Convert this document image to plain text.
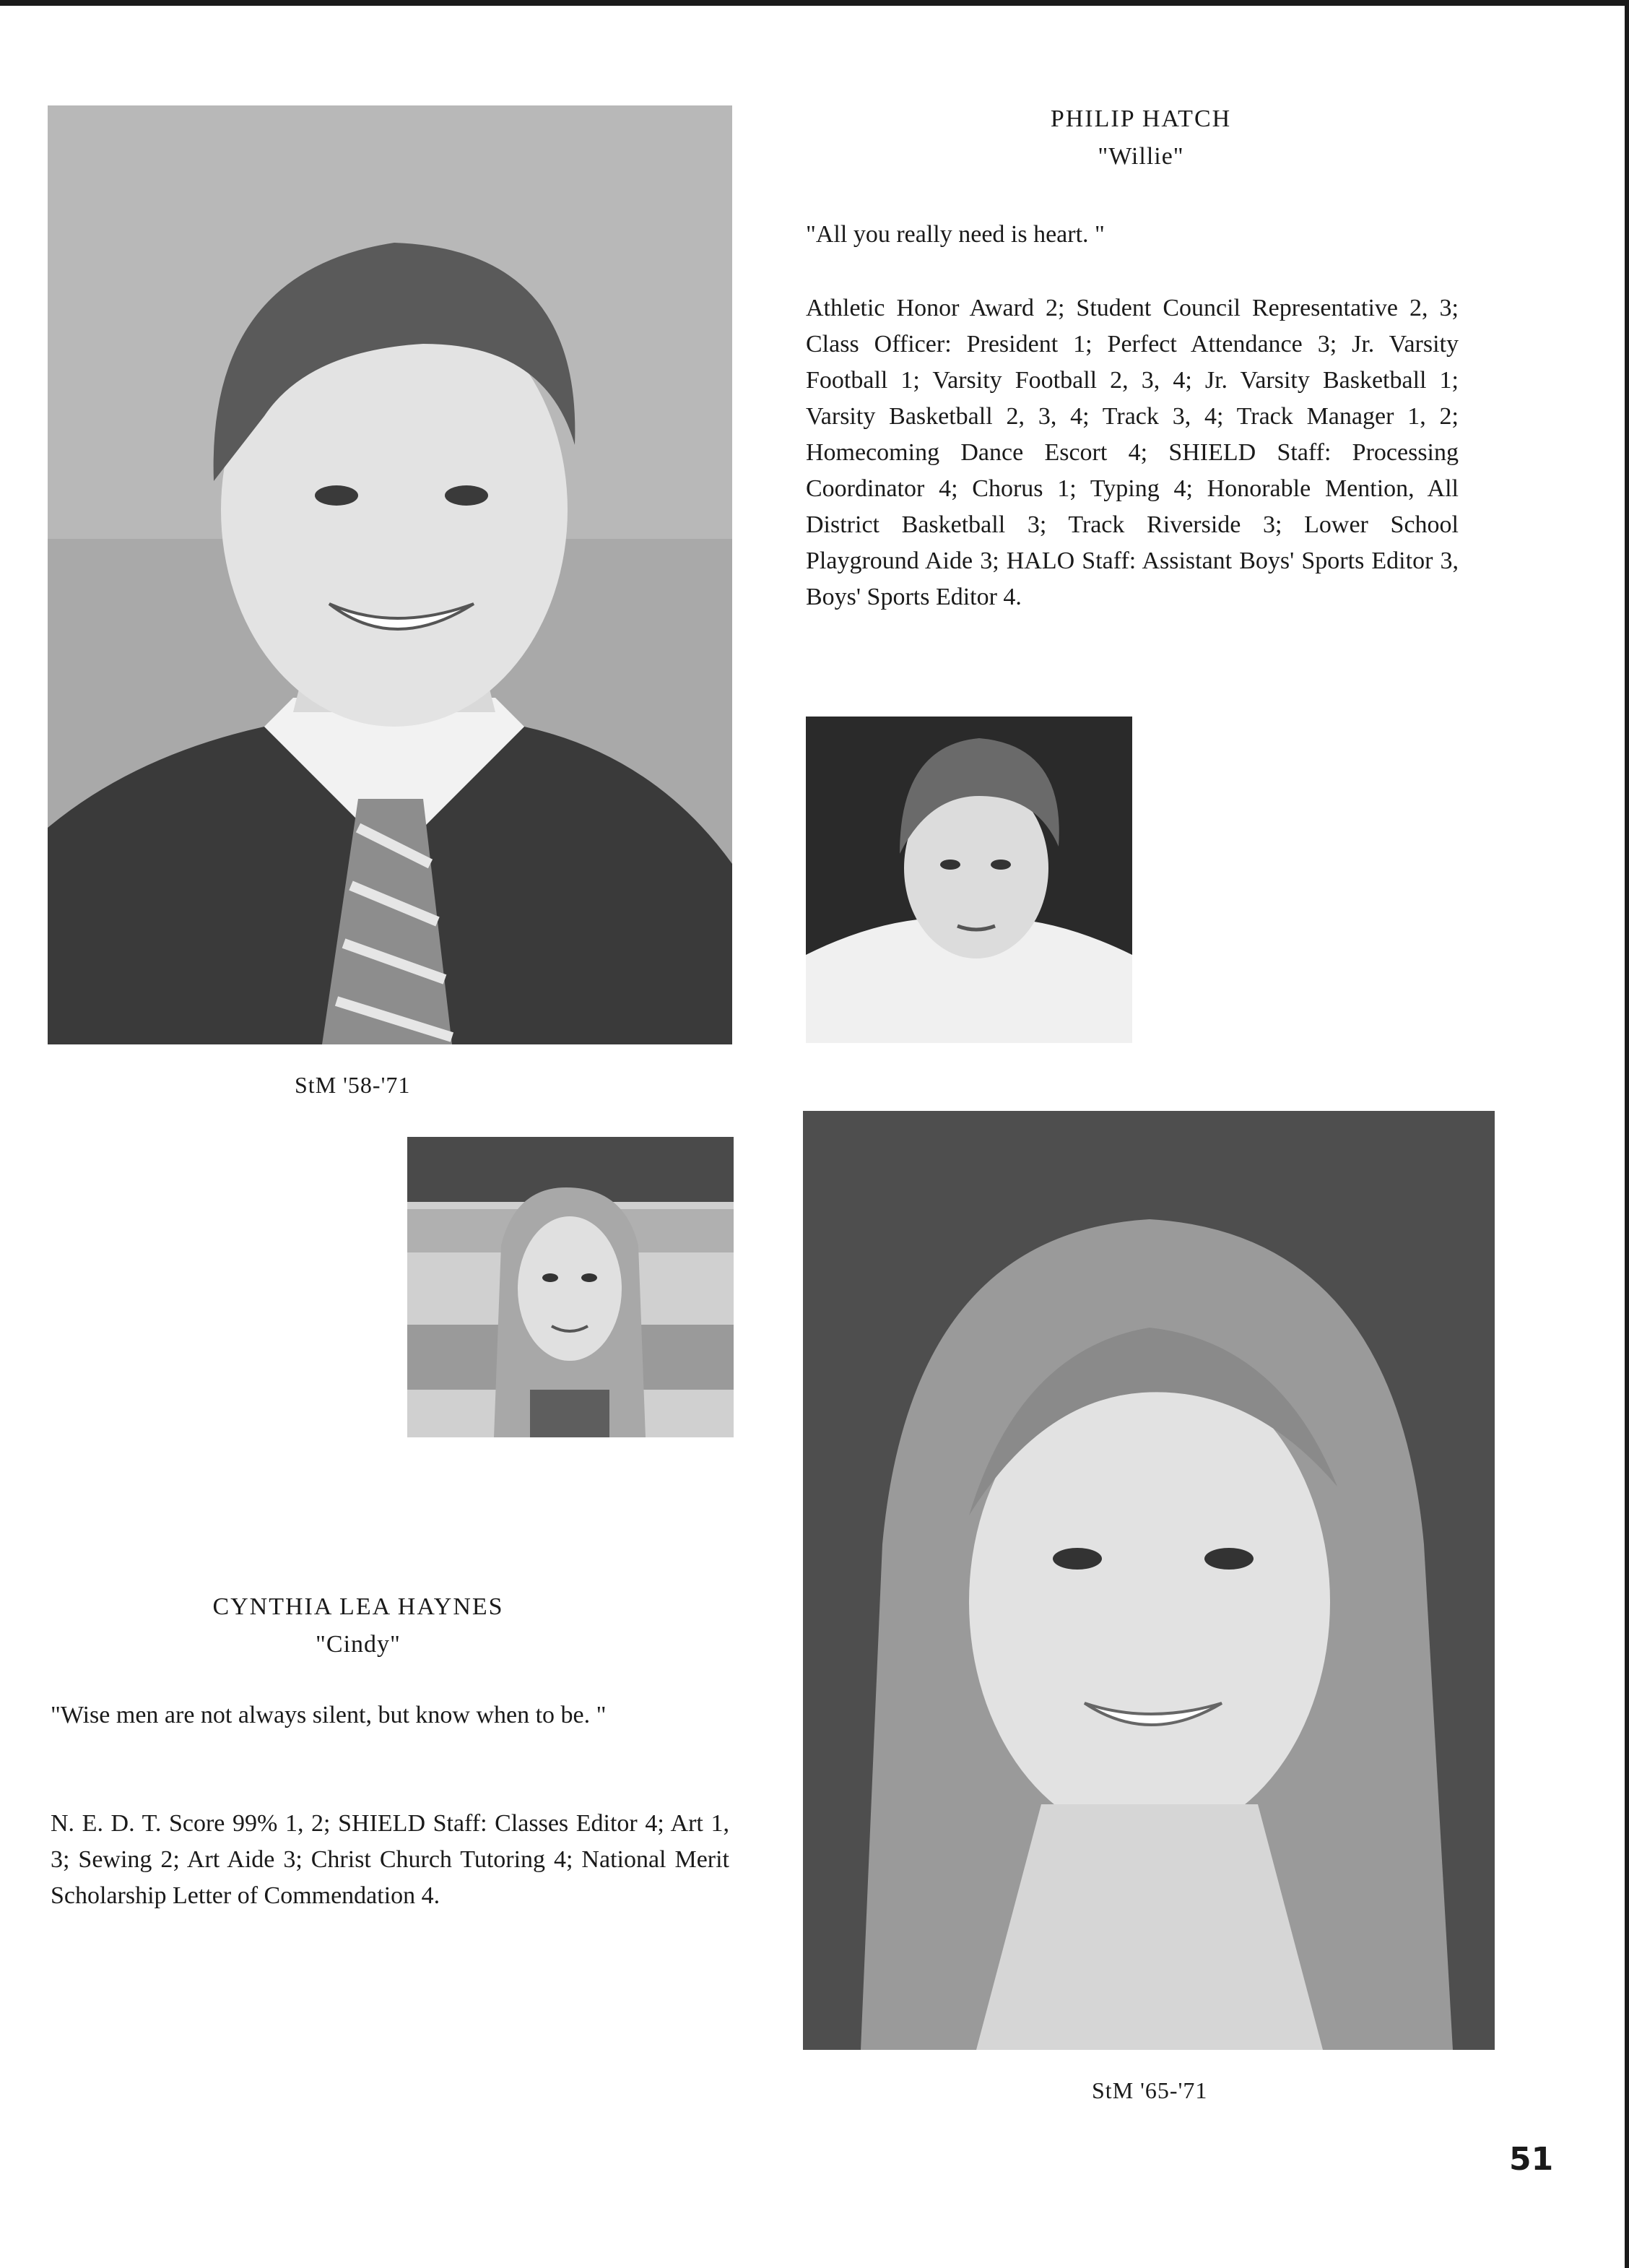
PHILIP HATCH
"Willie"
"All you really need is heart. "
Athletic Honor Award 2; Student Council Representative 2, 3; Class Officer: President 1; Perfect Attendance 3; Jr. Varsity Football 1; Varsity Football 2, 3, 4; Jr. Varsity Basketball 1; Varsity Basketball 2, 3, 4; Track 3, 4; Track Manager 1, 2; Homecoming Dance Escort 4; SHIELD Staff: Processing Coordinator 4; Chorus 1; Typing 4; Honorable Mention, All District Basketball 3; Track Riverside 3; Lower School Playground Aide 3; HALO Staff: Assistant Boys' Sports Editor 3, Boys' Sports Editor 4.
StM '58-'71
CYNTHIA LEA HAYNES
"Cindy"
"Wise men are not always silent, but know when to be. "
N. E. D. T. Score 99% 1, 2; SHIELD Staff: Classes Editor 4; Art 1, 3; Sewing 2; Art Aide 3; Christ Church Tutoring 4; National Merit Scholarship Letter of Commendation 4.
StM '65-'71
51
